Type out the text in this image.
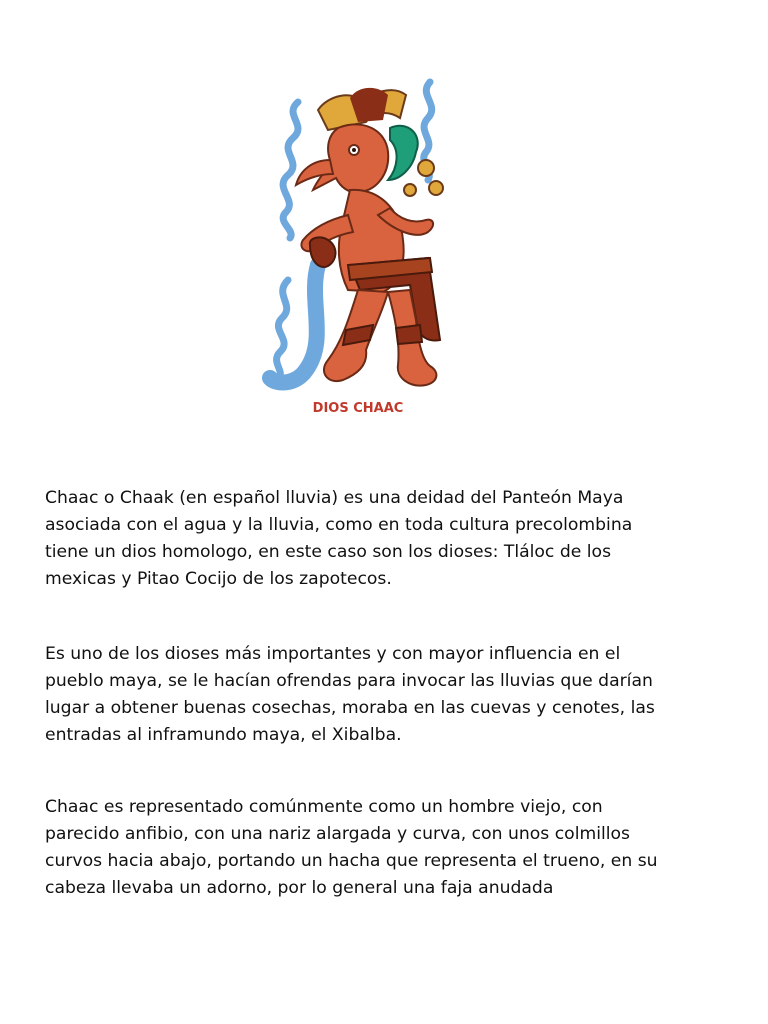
DIOS CHAAC

Chaac o Chaak (en español lluvia) es una deidad del Panteón Maya
asociada con el agua y la lluvia, como en toda cultura precolombina
tiene un dios homologo, en este caso son los dioses: Tláloc de los
mexicas y Pitao Cocijo de los zapotecos.

Es uno de los dioses más importantes y con mayor influencia en el
pueblo maya, se le hacían ofrendas para invocar las lluvias que darían
lugar a obtener buenas cosechas, moraba en las cuevas y cenotes, las
entradas al inframundo maya, el Xibalba.

Chaac es representado comúnmente como un hombre viejo, con
parecido anfibio, con una nariz alargada y curva, con unos colmillos
curvos hacia abajo, portando un hacha que representa el trueno, en su
cabeza llevaba un adorno, por lo general una faja anudada
